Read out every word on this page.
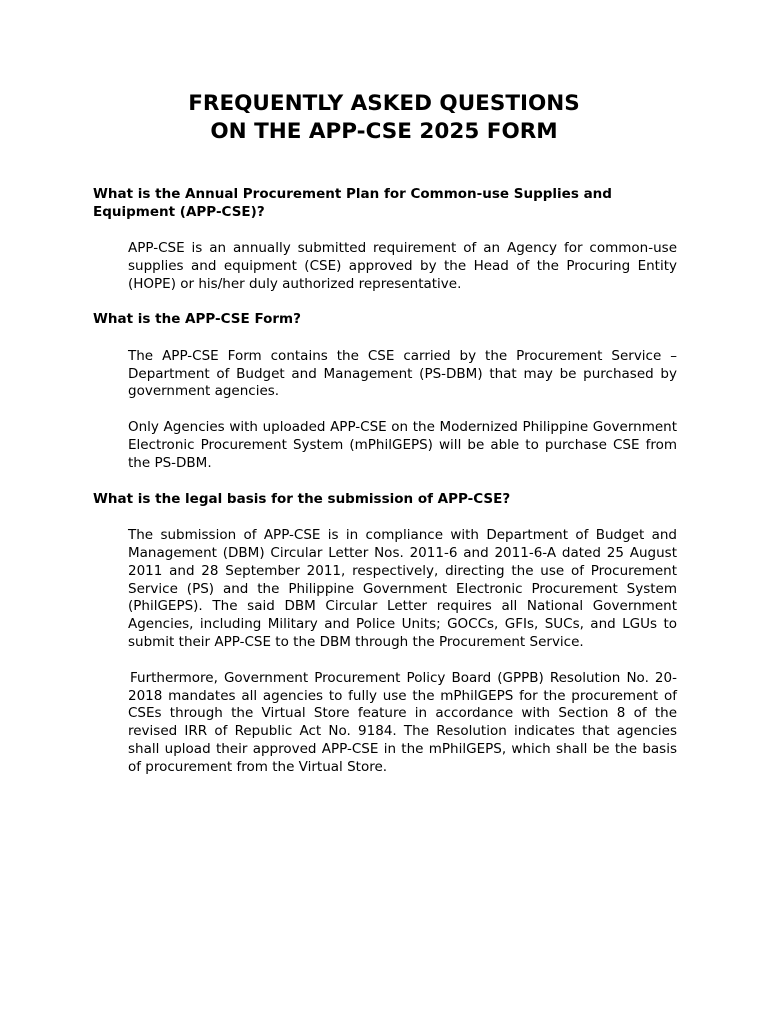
FREQUENTLY ASKED QUESTIONS
ON THE APP-CSE 2025 FORM

What is the Annual Procurement Plan for Common-use Supplies and Equipment (APP-CSE)?

APP-CSE is an annually submitted requirement of an Agency for common-use supplies and equipment (CSE) approved by the Head of the Procuring Entity (HOPE) or his/her duly authorized representative.

What is the APP-CSE Form?

The APP-CSE Form contains the CSE carried by the Procurement Service – Department of Budget and Management (PS-DBM) that may be purchased by government agencies.

Only Agencies with uploaded APP-CSE on the Modernized Philippine Government Electronic Procurement System (mPhilGEPS) will be able to purchase CSE from the PS-DBM.

What is the legal basis for the submission of APP-CSE?

The submission of APP-CSE is in compliance with Department of Budget and Management (DBM) Circular Letter Nos. 2011-6 and 2011-6-A dated 25 August 2011 and 28 September 2011, respectively, directing the use of Procurement Service (PS) and the Philippine Government Electronic Procurement System (PhilGEPS). The said DBM Circular Letter requires all National Government Agencies, including Military and Police Units; GOCCs, GFIs, SUCs, and LGUs to submit their APP-CSE to the DBM through the Procurement Service.

Furthermore, Government Procurement Policy Board (GPPB) Resolution No. 20-2018 mandates all agencies to fully use the mPhilGEPS for the procurement of CSEs through the Virtual Store feature in accordance with Section 8 of the revised IRR of Republic Act No. 9184. The Resolution indicates that agencies shall upload their approved APP-CSE in the mPhilGEPS, which shall be the basis of procurement from the Virtual Store.
